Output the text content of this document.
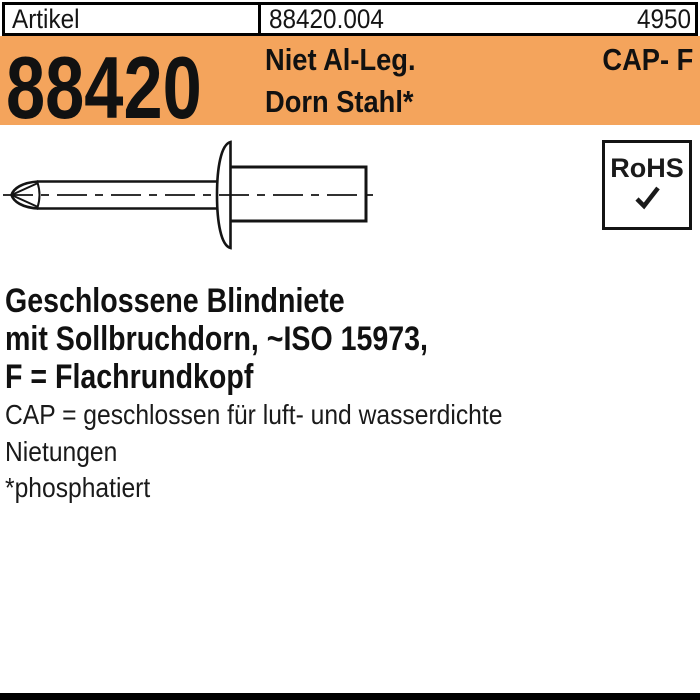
Artikel	88420.004	4950
88420 Niet Al-Leg.
Dorn Stahl*
CAP- F
RoHS
Geschlossene Blindniete
mit Sollbruchdorn, ~ISO 15973,
F = Flachrundkopf
CAP = geschlossen für luft- und wasserdichte
Nietungen
*phosphatiert
